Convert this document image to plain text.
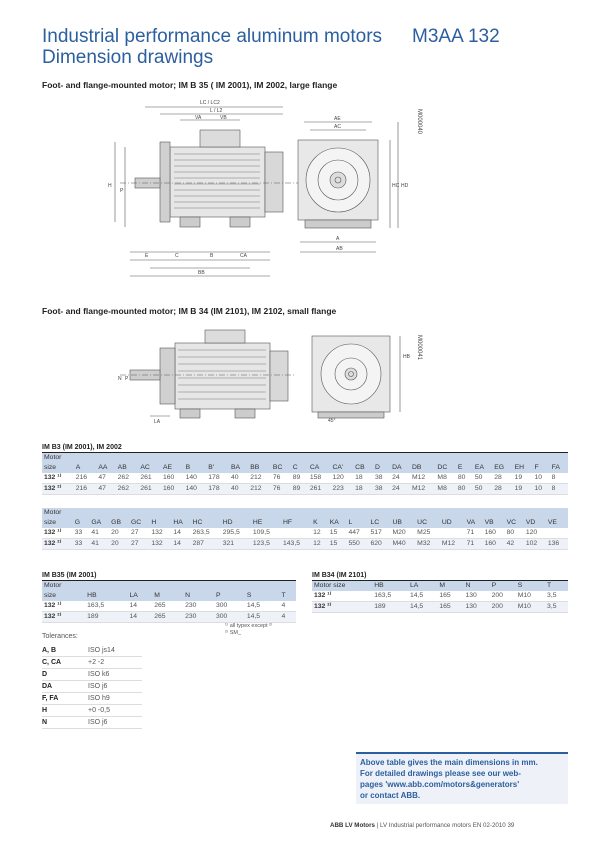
Industrial performance aluminum motors M3AA 132
Dimension drawings
Foot- and flange-mounted motor; IM B 35 ( IM 2001), IM 2002, large flange
LC / LC2
L / L2
VA	VB
E	C	B	CA
BB
H
P
AC
AE
AB
A
HD
HC
M000040
Foot- and flange-mounted motor; IM B 34 (IM 2101), IM 2102, small flange
N P
LA
HB
45°
M000041
IM B3 (IM 2001), IM 2002
Motor																								
size	A	AA	AB	AC	AE	B	B'	BA	BB	BC	C	CA	CA'	CB	D	DA	DB	DC	E	EA	EG	EH	F	FA
132 ¹⁾	216	47	262	261	160	140	178	40	212	76	89	158	120	18	38	24	M12	M8	80	50	28	19	10	8
132 ²⁾	216	47	262	261	160	140	178	40	212	76	89	261	223	18	38	24	M12	M8	80	50	28	19	10	8
Motor																						
size	G	GA	GB	GC	H	HA	HC	HD	HE	HF	K	KA	L	LC	UB	UC	UD	VA	VB	VC	VD	VE
132 ¹⁾	33	41	20	27	132	14	263,5	295,5	109,5		12	15	447	517	M20	M25		71	160	80	120	
132 ²⁾	33	41	20	27	132	14	287	321	123,5	143,5	12	15	550	620	M40	M32	M12	71	160	42	102	136
IM B35 (IM 2001)
Motor							
size	HB	LA	M	N	P	S	T
132 ¹⁾	163,5	14	265	230	300	14,5	4
132 ²⁾	189	14	265	230	300	14,5	4
IM B34 (IM 2101)
Motor size	HB	LA	M	N	P	S	T
132 ¹⁾	163,5	14,5	165	130	200	M10	3,5
132 ²⁾	189	14,5	165	130	200	M10	3,5
¹⁾ all typex except ²⁾
²⁾ SM_
Tolerances:
A, B	ISO js14
C, CA	+2 -2
D	ISO k6
DA	ISO j6
F, FA	ISO h9
H	+0 -0,5
N	ISO j6
Above table gives the main dimensions in mm.
For detailed drawings please see our web-
pages 'www.abb.com/motors&generators'
or contact ABB.
ABB LV Motors | LV Industrial performance motors EN 02-2010 39
